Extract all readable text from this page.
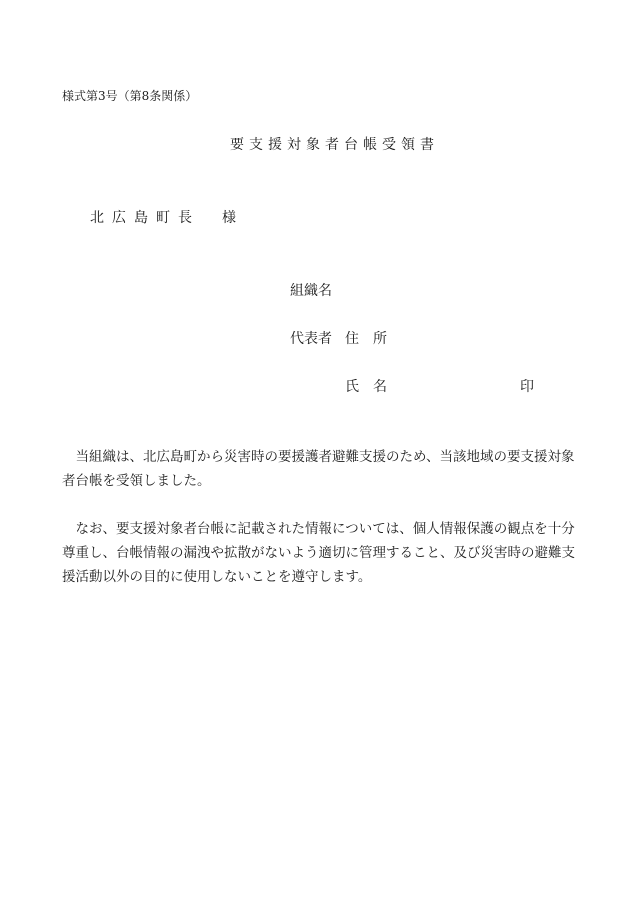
様式第3号（第8条関係）
要支援対象者台帳受領書
北広島町長　様
組織名
代表者 住所
氏名	印
当組織は、北広島町から災害時の要援護者避難支援のため、当該地域の要支援対象者台帳を受領しました。
なお、要支援対象者台帳に記載された情報については、個人情報保護の観点を十分尊重し、台帳情報の漏洩や拡散がないよう適切に管理すること、及び災害時の避難支援活動以外の目的に使用しないことを遵守します。
